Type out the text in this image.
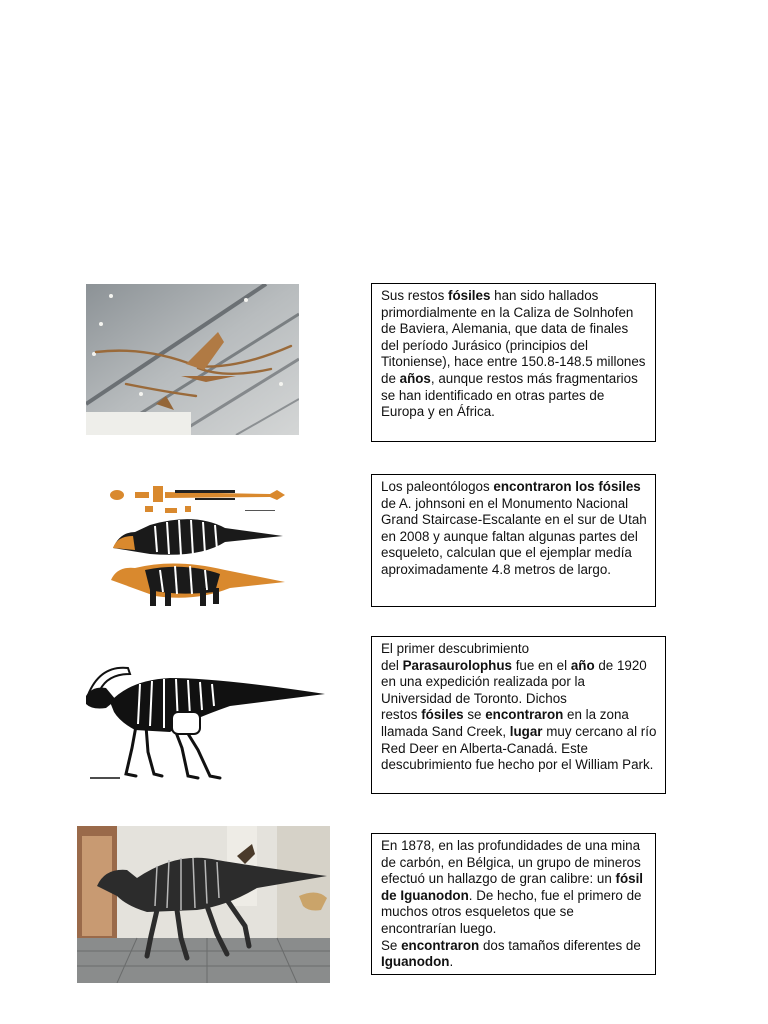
Sus restos fósiles han sido hallados primordialmente en la Caliza de Solnhofen de Baviera, Alemania, que data de finales del período Jurásico (principios del Titoniense), hace entre 150.8-148.5 millones de años, aunque restos más fragmentarios se han identificado en otras partes de Europa y en África.

Los paleontólogos encontraron los fósiles de A. johnsoni en el Monumento Nacional Grand Staircase-Escalante en el sur de Utah en 2008 y aunque faltan algunas partes del esqueleto, calculan que el ejemplar medía aproximadamente 4.8 metros de largo.

El primer descubrimiento

del Parasaurolophus fue en el año de 1920 en una expedición realizada por la Universidad de Toronto. Dichos

restos fósiles se encontraron en la zona llamada Sand Creek, lugar muy cercano al río Red Deer en Alberta-Canadá. Este descubrimiento fue hecho por el William Park.

En 1878, en las profundidades de una mina de carbón, en Bélgica, un grupo de mineros efectuó un hallazgo de gran calibre: un fósil de Iguanodon. De hecho, fue el primero de muchos otros esqueletos que se encontrarían luego.

Se encontraron dos tamaños diferentes de Iguanodon.
